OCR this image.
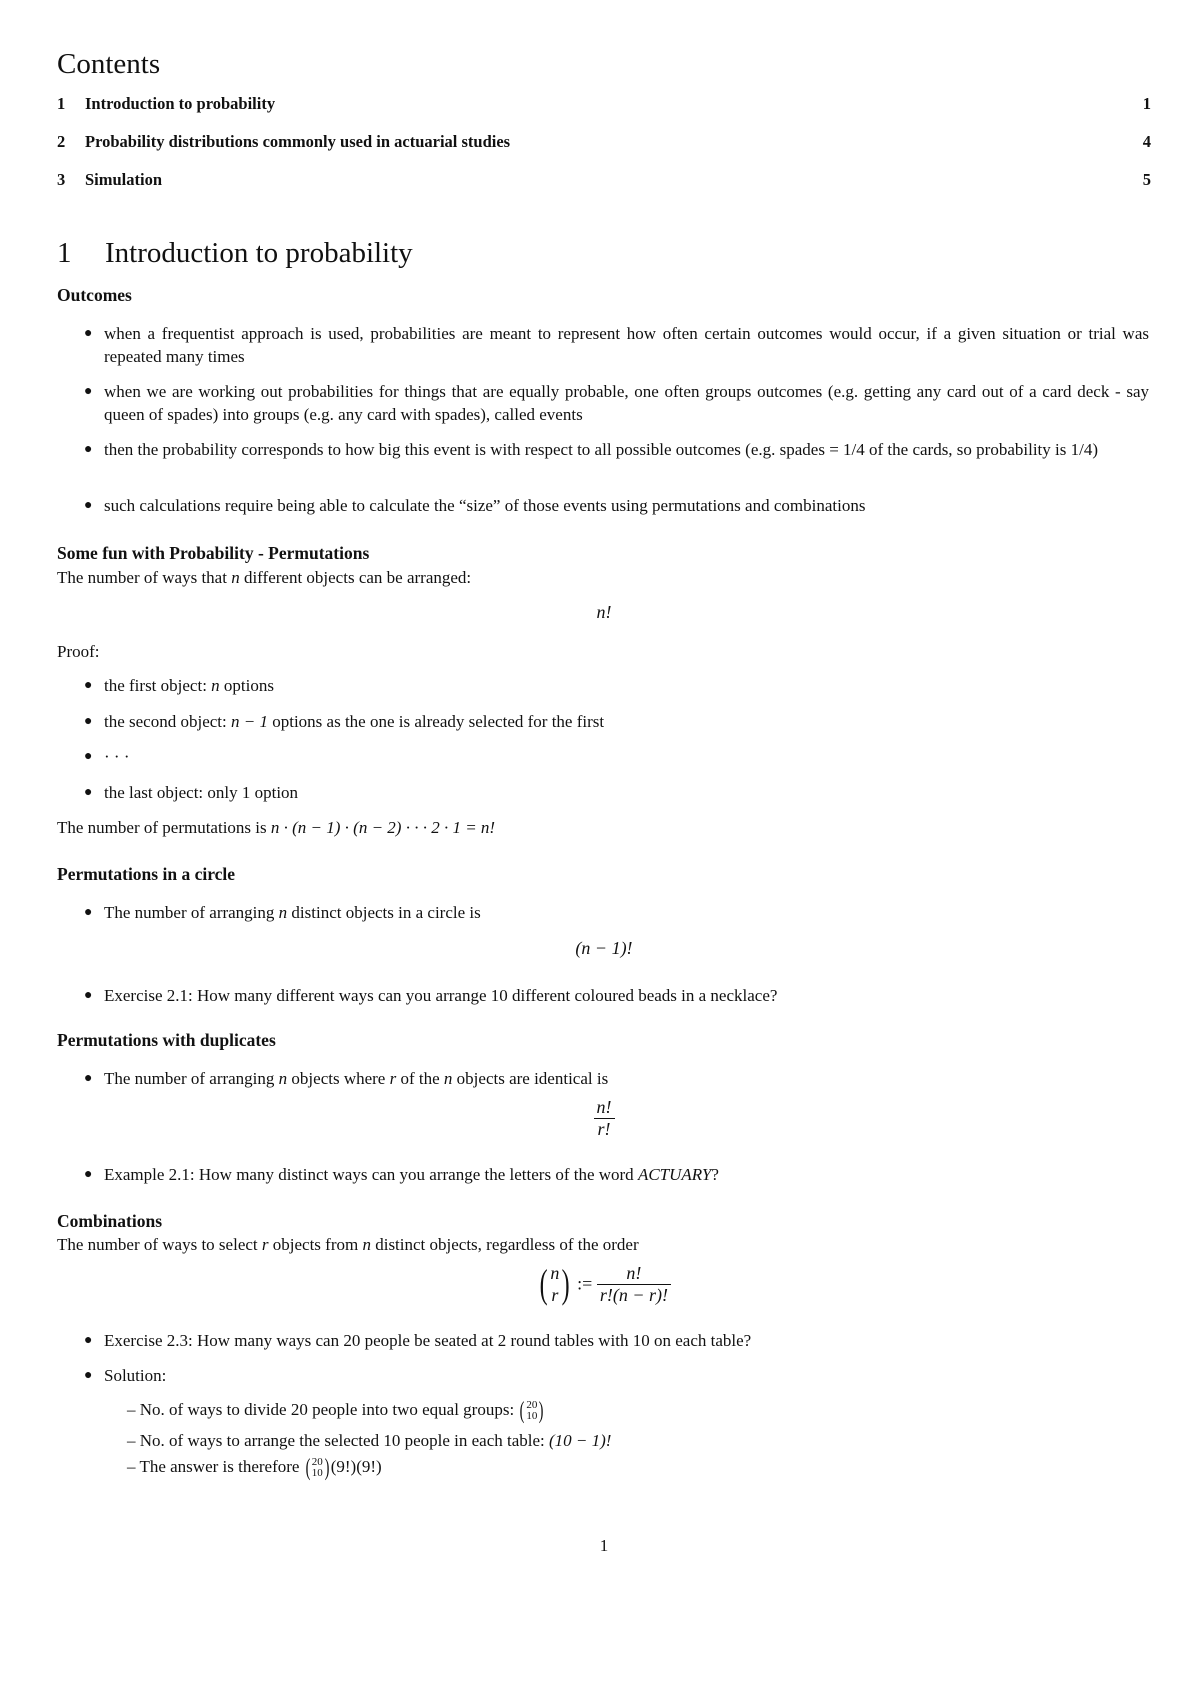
Contents
1 Introduction to probability	1
2 Probability distributions commonly used in actuarial studies	4
3 Simulation	5
1 Introduction to probability
Outcomes
● when a frequentist approach is used, probabilities are meant to represent how often certain outcomes would occur, if a given situation or trial was repeated many times
● when we are working out probabilities for things that are equally probable, one often groups outcomes (e.g. getting any card out of a card deck - say queen of spades) into groups (e.g. any card with spades), called events
● then the probability corresponds to how big this event is with respect to all possible outcomes (e.g. spades = 1/4 of the cards, so probability is 1/4)
● such calculations require being able to calculate the “size” of those events using permutations and combinations
Some fun with Probability - Permutations
The number of ways that n different objects can be arranged:
n!
Proof:
● the first object: n options
● the second object: n − 1 options as the one is already selected for the first
● · · ·
● the last object: only 1 option
The number of permutations is n · (n − 1) · (n − 2) · · · 2 · 1 = n!
Permutations in a circle
● The number of arranging n distinct objects in a circle is
(n − 1)!
● Exercise 2.1: How many different ways can you arrange 10 different coloured beads in a necklace?
Permutations with duplicates
● The number of arranging n objects where r of the n objects are identical is
$\frac{n!}{r!}$
● Example 2.1: How many distinct ways can you arrange the letters of the word ACTUARY?
Combinations
The number of ways to select r objects from n distinct objects, regardless of the order
( n
r ) := $\frac{n!}{r!(n - r)!}$
● Exercise 2.3: How many ways can 20 people be seated at 2 round tables with 10 on each table?
● Solution:
– No. of ways to divide 20 people into two equal groups: ( 20
10 )
– No. of ways to arrange the selected 10 people in each table: (10 − 1)!
– The answer is therefore ( 20
10 ) (9!)(9!)
1
